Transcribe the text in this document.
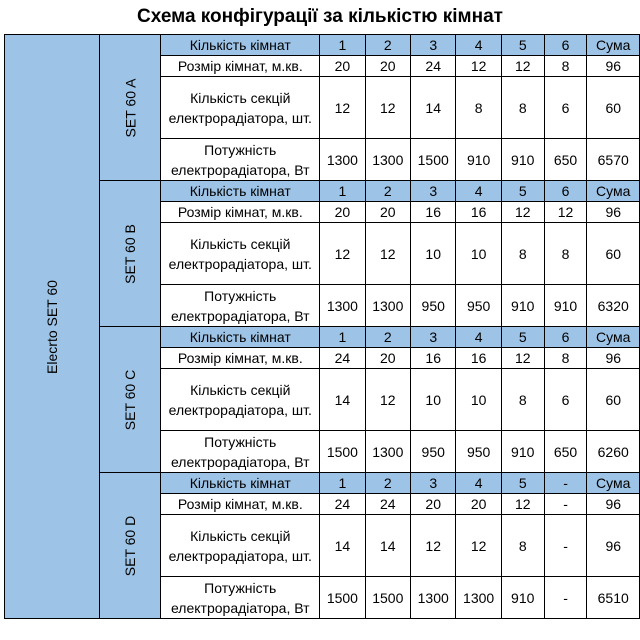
Схема конфігурації за кількістю кімнат
Elecrto SET 60	SET 60 A	Кількість кімнат	1	2	3	4	5	6	Сума
		Розмір кімнат, м.кв.	20	20	24	12	12	8	96
		Кількість секцій електрорадіатора, шт.	12	12	14	8	8	6	60
		Потужність електрорадіатора, Вт	1300	1300	1500	910	910	650	6570
	SET 60 B	Кількість кімнат	1	2	3	4	5	6	Сума
		Розмір кімнат, м.кв.	20	20	16	16	12	12	96
		Кількість секцій електрорадіатора, шт.	12	12	10	10	8	8	60
		Потужність електрорадіатора, Вт	1300	1300	950	950	910	910	6320
	SET 60 C	Кількість кімнат	1	2	3	4	5	6	Сума
		Розмір кімнат, м.кв.	24	20	16	16	12	8	96
		Кількість секцій електрорадіатора, шт.	14	12	10	10	8	6	60
		Потужність електрорадіатора, Вт	1500	1300	950	950	910	650	6260
	SET 60 D	Кількість кімнат	1	2	3	4	5	-	Сума
		Розмір кімнат, м.кв.	24	24	20	20	12	-	96
		Кількість секцій електрорадіатора, шт.	14	14	12	12	8	-	96
		Потужність електрорадіатора, Вт	1500	1500	1300	1300	910	-	6510
